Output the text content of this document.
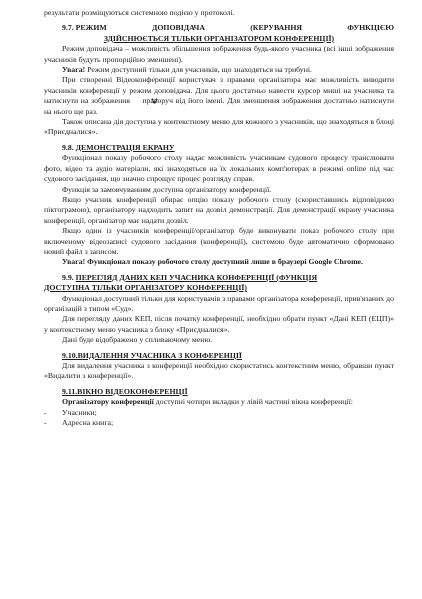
результати розміщуються системною подією у протоколі.

9.7. РЕЖИМ	ДОПОВІДАЧА	(КЕРУВАННЯ	ФУНКЦІЄЮ
ЗДІЙСНЮЄТЬСЯ ТІЛЬКИ ОРГАНІЗАТОРОМ КОНФЕРЕНЦІЇ)

Режим доповідача – можливість збільшення зображення будь-якого учасника (всі інші зображення учасників будуть пропорційно зменшені).

Увага! Режим доступний тільки для учасників, що знаходяться на трибуні.

При створенні Відеоконференції користувач з правами організатора має можливість виводити учасників конференції у режим доповідача. Для цього достатньо навести курсор миші на учасника та натиснути на зображення  праворуч від його імені. Для зменшення зображення достатньо натиснути на нього ще раз.

Також описана дія доступна у контекстному меню для кожного з учасників, що знаходяться в блоці «Приєдналися».

9.8. ДЕМОНСТРАЦІЯ ЕКРАНУ

Функціонал показу робочого столу надає можливість учасникам судового процесу транслювати фото, відео та аудіо матеріали, які знаходяться на їх локальних комп'ютерах в режимі online під час судового засідання, що значно спрощує процес розгляду справ.

Функція за замовчуванням доступна організатору конференції.

Якщо учасник конференції обирає опцію показу робочого столу (скориставшись відповідною піктограмою), організатору надходить запит на дозвіл демонстрації. Для демонстрації екрану учасника конференції, організатор має надати дозвіл.

Якщо один із учасників конференції/організатор буде виконувати показ робочого столу при включеному відеозаписі судового засідання (конференції), системою буде автоматично сформовано новий файл з записом.

Увага! Функціонал показу робочого столу доступний лише в браузері Google Chrome.

9.9. ПЕРЕГЛЯД ДАНИХ КЕП УЧАСНИКА КОНФЕРЕНЦІЇ (ФУНКЦІЯ

ДОСТУПНА ТІЛЬКИ ОРГАНІЗАТОРУ КОНФЕРЕНЦІЇ)

Функціонал доступний тільки для користувачів з правами організатора конференції, прив'язаних до організацій з типом «Суд».

Для перегляду даних КЕП, після початку конференції, необхідно обрати пункт «Дані КЕП (ЕЦП)» у контекстному меню учасника з блоку «Приєдналися».

Дані буде відображено у спливаючому меню.

9.10.ВИДАЛЕННЯ УЧАСНИКА З КОНФЕРЕНЦІЇ

Для видалення учасника з конференції необхідно скористатись контекстним меню, обравши пункт «Видалити з конференції».

9.11.ВІКНО ВІДЕОКОНФЕРЕНЦІЇ

Організатору конференції доступні чотири вкладки у лівій частині вікна конференції:

- Учасники;
- Адресна книга;
